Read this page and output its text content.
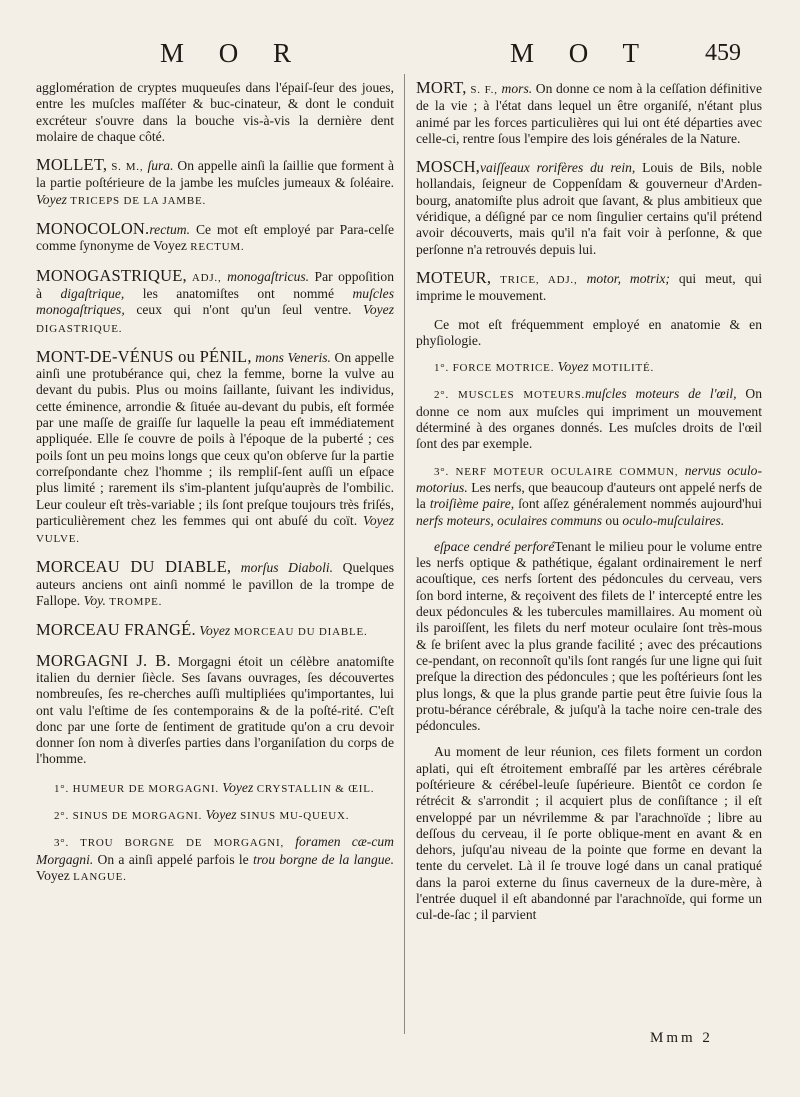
M O R	M O T 459

agglomération de cryptes muqueuſes dans l'épaiſ-ſeur des joues, entre les muſcles maſſéter & buc-cinateur, & dont le conduit excréteur s'ouvre dans la bouche vis-à-vis la dernière dent molaire de chaque côté.

MOLLET, S. M., ſura. On appelle ainſi la ſaillie que forment à la partie poſtérieure de la jambe les muſcles jumeaux & ſoléaire. Voyez TRICEPS DE LA JAMBE.

MONOCOLON.rectum. Ce mot eſt employé par Para-celſe comme ſynonyme de Voyez RECTUM.

MONOGASTRIQUE, ADJ., monogaſtricus. Par oppoſition à digaſtrique, les anatomiſtes ont nommé muſcles monogaſtriques, ceux qui n'ont qu'un ſeul ventre. Voyez DIGASTRIQUE.

MONT-DE-VÉNUS ou PÉNIL, mons Veneris. On appelle ainſi une protubérance qui, chez la femme, borne la vulve au devant du pubis. Plus ou moins ſaillante, ſuivant les individus, cette éminence, arrondie & ſituée au-devant du pubis, eſt formée par une maſſe de graiſſe ſur laquelle la peau eſt immédiatement appliquée. Elle ſe couvre de poils à l'époque de la puberté ; ces poils ſont un peu moins longs que ceux qu'on obſerve ſur la partie correſpondante chez l'homme ; ils rempliſ-ſent auſſi un eſpace plus limité ; rarement ils s'im-plantent juſqu'auprès de l'ombilic. Leur couleur eſt très-variable ; ils ſont preſque toujours très friſés, particulièrement chez les femmes qui ont abuſé du coït. Voyez VULVE.

MORCEAU DU DIABLE, morſus Diaboli. Quelques auteurs anciens ont ainſi nommé le pavillon de la trompe de Fallope. Voy. TROMPE.

MORCEAU FRANGÉ. Voyez MORCEAU DU DIABLE.

MORGAGNI J. B. Morgagni étoit un célèbre anatomiſte italien du dernier ſiècle. Ses ſavans ouvrages, ſes découvertes nombreuſes, ſes re-cherches auſſi multipliées qu'importantes, lui ont valu l'eſtime de ſes contemporains & de la poſté-rité. C'eſt donc par une ſorte de ſentiment de gratitude qu'on a cru devoir donner ſon nom à diverſes parties dans l'organiſation du corps de l'homme.

1°. HUMEUR DE MORGAGNI. Voyez CRYSTALLIN & ŒIL.

2°. SINUS DE MORGAGNI. Voyez SINUS MU-QUEUX.

3°. TROU BORGNE DE MORGAGNI, foramen cæ-cum Morgagni. On a ainſi appelé parfois le trou borgne de la langue. Voyez LANGUE.

MORT, S. F., mors. On donne ce nom à la ceſſation définitive de la vie ; à l'état dans lequel un être organiſé, n'étant plus animé par les forces particulières qui lui ont été départies avec celle-ci, rentre ſous l'empire des lois générales de la Nature.

MOSCH,vaiſſeaux rorifères du rein, Louis de Bils, noble hollandais, ſeigneur de Coppenſdam & gouverneur d'Arden-bourg, anatomiſte plus adroit que ſavant, & plus ambitieux que véridique, a déſigné par ce nom ſingulier certains qu'il prétend avoir découverts, mais qu'il n'a fait voir à perſonne, & que perſonne n'a retrouvés depuis lui.

MOTEUR, TRICE, ADJ., motor, motrix; qui meut, qui imprime le mouvement.

Ce mot eſt fréquemment employé en anatomie & en phyſiologie.

1°. FORCE MOTRICE. Voyez MOTILITÉ.

2°. MUSCLES MOTEURS.muſcles moteurs de l'œil, On donne ce nom aux muſcles qui impriment un mouvement déterminé à des organes donnés. Les muſcles droits de l'œil ſont des par exemple.

3°. NERF MOTEUR OCULAIRE COMMUN, nervus oculo-motorius. Les nerfs, que beaucoup d'auteurs ont appelé nerfs de la troiſième paire, ſont aſſez généralement nommés aujourd'hui nerfs moteurs, oculaires communs ou oculo-muſculaires.

eſpace cendré perforéTenant le milieu pour le volume entre les nerfs optique & pathétique, égalant ordinairement le nerf acouſtique, ces nerfs ſortent des pédoncules du cerveau, vers ſon bord interne, & reçoivent des filets de l' intercepté entre les deux pédoncules & les tubercules mamillaires. Au moment où ils paroiſſent, les filets du nerf moteur oculaire ſont très-mous & ſe briſent avec la plus grande facilité ; avec des précautions ce-pendant, on reconnoît qu'ils ſont rangés ſur une ligne qui ſuit preſque la direction des pédoncules ; que les poſtérieurs ſont les plus longs, & que la plus grande partie peut être ſuivie ſous la protu-bérance cérébrale, & juſqu'à la tache noire cen-trale des pédoncules.

Au moment de leur réunion, ces filets forment un cordon aplati, qui eſt étroitement embraſſé par les artères cérébrale poſtérieure & cérébel-leuſe ſupérieure. Bientôt ce cordon ſe rétrécit & s'arrondit ; il acquiert plus de conſiſtance ; il eſt enveloppé par un névrilemme & par l'arachnoïde ; libre au deſſous du cerveau, il ſe porte oblique-ment en avant & en dehors, juſqu'au niveau de la pointe que forme en devant la tente du cervelet. Là il ſe trouve logé dans un canal pratiqué dans la paroi externe du ſinus caverneux de la dure-mère, à l'entrée duquel il eſt abandonné par l'arachnoïde, qui forme un cul-de-ſac ; il parvient

Mmm 2
